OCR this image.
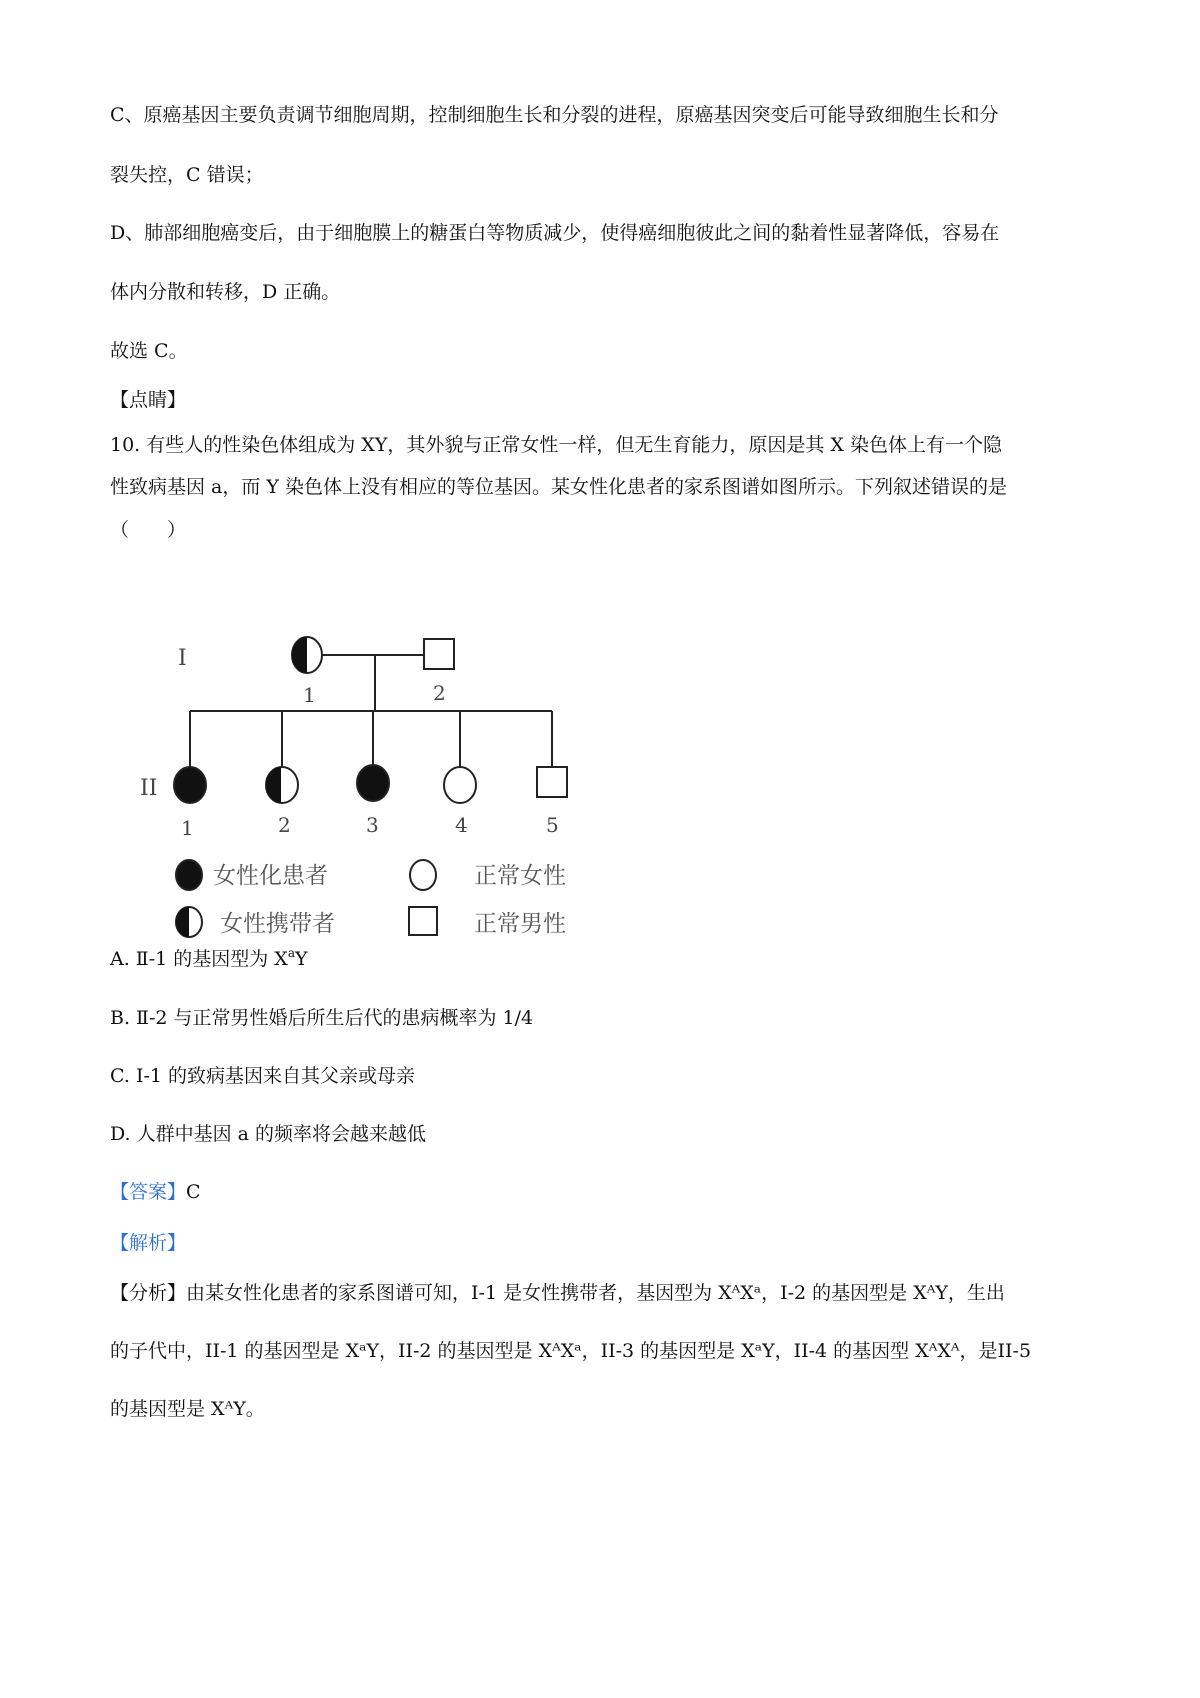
C、原癌基因主要负责调节细胞周期，控制细胞生长和分裂的进程，原癌基因突变后可能导致细胞生长和分
裂失控，C 错误；
D、肺部细胞癌变后，由于细胞膜上的糖蛋白等物质减少，使得癌细胞彼此之间的黏着性显著降低，容易在
体内分散和转移，D 正确。
故选 C。
【点睛】
10. 有些人的性染色体组成为 XY，其外貌与正常女性一样，但无生育能力，原因是其 X 染色体上有一个隐
性致病基因 a，而 Y 染色体上没有相应的等位基因。某女性化患者的家系图谱如图所示。下列叙述错误的是
（　　）
I
II
1	2
1	2	3	4	5
女性化患者	正常女性
女性携带者	正常男性
A. Ⅱ-1 的基因型为 $X^aY$
B. Ⅱ-2 与正常男性婚后所生后代的患病概率为 1/4
C. I-1 的致病基因来自其父亲或母亲
D. 人群中基因 a 的频率将会越来越低
【答案】C
【解析】
【分析】由某女性化患者的家系图谱可知，I-1 是女性携带者，基因型为 XᴬXᵃ，I-2 的基因型是 XᴬY，生出
的子代中，II-1 的基因型是 XᵃY，II-2 的基因型是 XᴬXᵃ，II-3 的基因型是 XᵃY，II-4 的基因型 XᴬXᴬ，是II-5
的基因型是 XᴬY。
